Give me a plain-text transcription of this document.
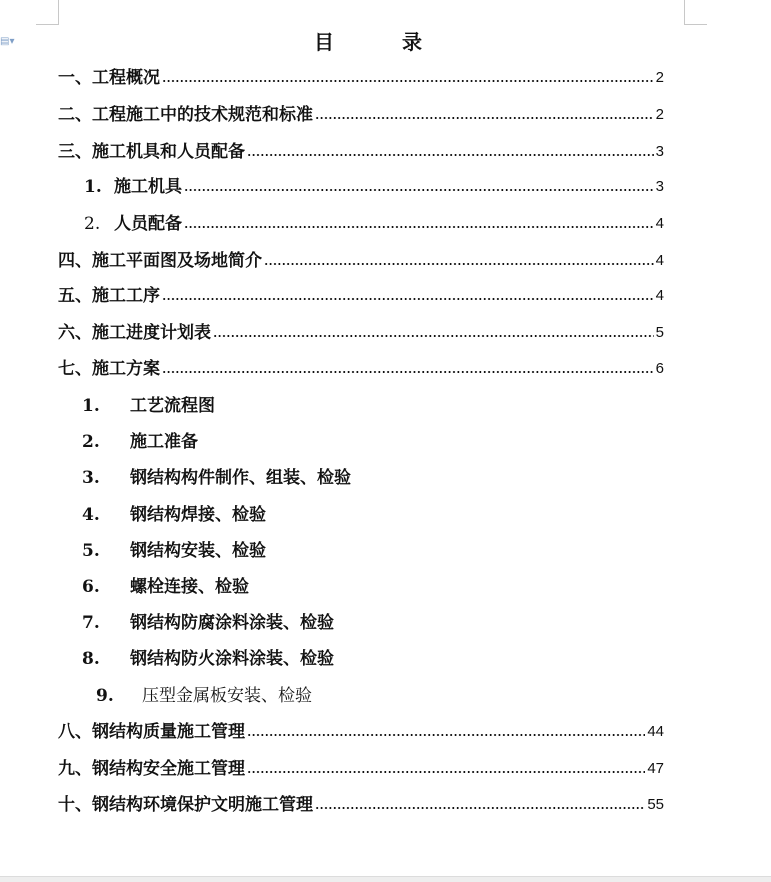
▤▾	目	录
一、工程概况	2
二、工程施工中的技术规范和标准	2
三、施工机具和人员配备	3
1. 施工机具	3
2. 人员配备	4
四、施工平面图及场地简介	4
五、施工工序	4
六、施工进度计划表	5
七、施工方案	6
1.	工艺流程图
2.	施工准备
3.	钢结构构件制作、组装、检验
4.	钢结构焊接、检验
5.	钢结构安装、检验
6.	螺栓连接、检验
7.	钢结构防腐涂料涂装、检验
8.	钢结构防火涂料涂装、检验
9.	压型金属板安装、检验
八、钢结构质量施工管理	44
九、钢结构安全施工管理	47
十、钢结构环境保护文明施工管理	55
